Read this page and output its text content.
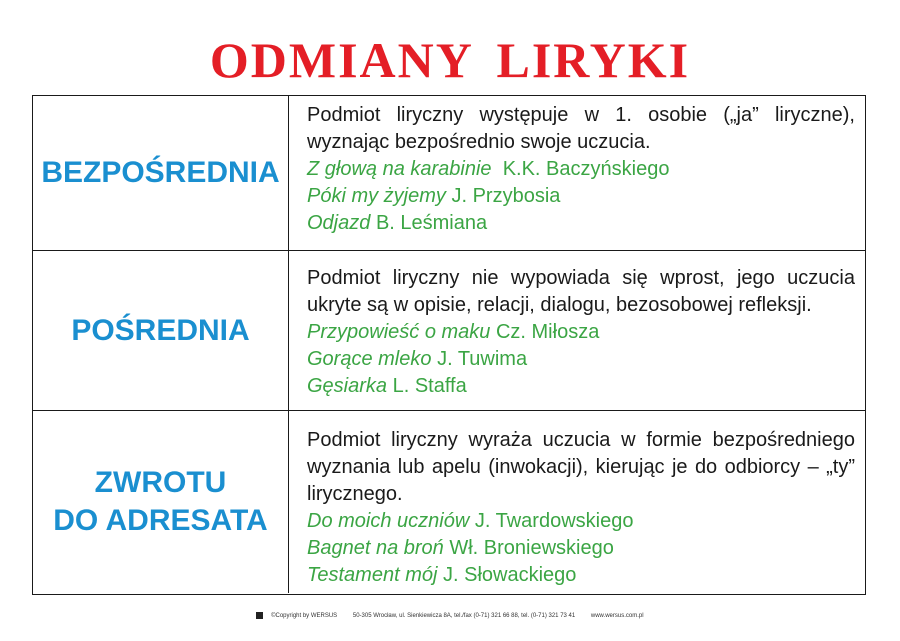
ODMIANY LIRYKI
BEZPOŚREDNIA

Podmiot liryczny występuje w 1. osobie („ja” liryczne), wyznając bezpośrednio swoje uczucia.

Z głową na karabinie K.K. Baczyńskiego
Póki my żyjemy J. Przybosia
Odjazd B. Leśmiana
POŚREDNIA

Podmiot liryczny nie wypowiada się wprost, jego uczucia ukryte są w opisie, relacji, dialogu, bezosobowej refleksji.

Przypowieść o maku Cz. Miłosza
Gorące mleko J. Tuwima
Gęsiarka L. Staffa
ZWROTU
DO ADRESATA

Podmiot liryczny wyraża uczucia w formie bezpośredniego wyznania lub apelu (inwokacji), kierując je do odbiorcy – „ty” lirycznego.

Do moich uczniów J. Twardowskiego
Bagnet na broń Wł. Broniewskiego
Testament mój J. Słowackiego
©Copyright by WERSUS	50-305 Wrocław, ul. Sienkiewicza 8A, tel./fax (0-71) 321 66 88, tel. (0-71) 321 73 41	www.wersus.com.pl
